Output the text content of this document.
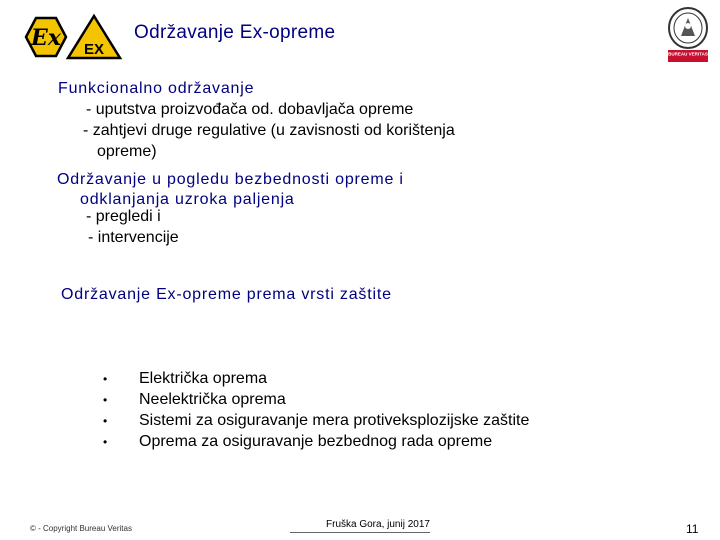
Ex EX
Održavanje Ex-opreme
BUREAU VERITAS
Funkcionalno održavanje
- uputstva proizvođača od. dobavljača opreme
- zahtjevi druge regulative (u zavisnosti od korištenja
opreme)
Održavanje u pogledu bezbednosti opreme i
odklanjanja uzroka paljenja
- pregledi i
- intervencije
Održavanje Ex-opreme prema vrsti zaštite
• Električka oprema
• Neelektrička oprema
• Sistemi za osiguravanje mera protiveksplozijske zaštite
• Oprema za osiguravanje bezbednog rada opreme
© - Copyright Bureau Veritas	Fruška Gora, junij 2017	11
